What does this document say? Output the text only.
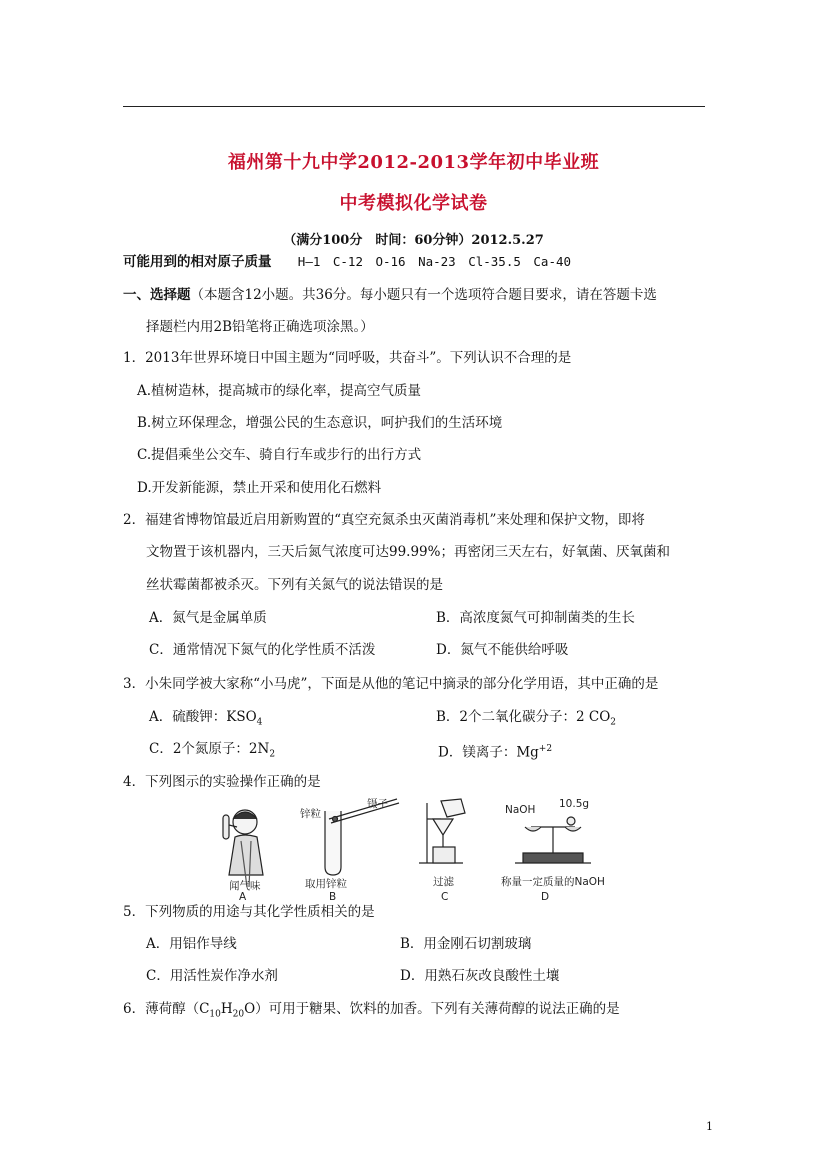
福州第十九中学2012-2013学年初中毕业班
中考模拟化学试卷
（满分100分　时间：60分钟）2012.5.27
可能用到的相对原子质量 H—1　C-12　O-16　Na-23　Cl-35.5　Ca-40
一、选择题（本题含12小题。共36分。每小题只有一个选项符合题目要求，请在答题卡选
择题栏内用2B铅笔将正确选项涂黑。）
1．2013年世界环境日中国主题为“同呼吸，共奋斗”。下列认识不合理的是
A.植树造林，提高城市的绿化率，提高空气质量
B.树立环保理念，增强公民的生态意识，呵护我们的生活环境
C.提倡乘坐公交车、骑自行车或步行的出行方式
D.开发新能源，禁止开采和使用化石燃料
2．福建省博物馆最近启用新购置的“真空充氮杀虫灭菌消毒机”来处理和保护文物，即将
文物置于该机器内，三天后氮气浓度可达99.99%；再密闭三天左右，好氧菌、厌氧菌和
丝状霉菌都被杀灭。下列有关氮气的说法错误的是
A．氮气是金属单质	B．高浓度氮气可抑制菌类的生长
C．通常情况下氮气的化学性质不活泼	D．氮气不能供给呼吸
3．小朱同学被大家称“小马虎”，下面是从他的笔记中摘录的部分化学用语，其中正确的是
A．硫酸钾：$KSO_4$	B．2个二氧化碳分子：2 $CO_2$
C．2个氮原子：$2N_2$	D．镁离子：$Mg^{+2}$
4．下列图示的实验操作正确的是
闻气味
A
锌粒
镊子
取用锌粒
B
过滤
C
NaOH 10.5g
称量一定质量的NaOH
D
5．下列物质的用途与其化学性质相关的是
A．用铝作导线	B．用金刚石切割玻璃
C．用活性炭作净水剂	D．用熟石灰改良酸性土壤
6．薄荷醇$(C_{10}H_{20}O)$可用于糖果、饮料的加香。下列有关薄荷醇的说法正确的是
1
